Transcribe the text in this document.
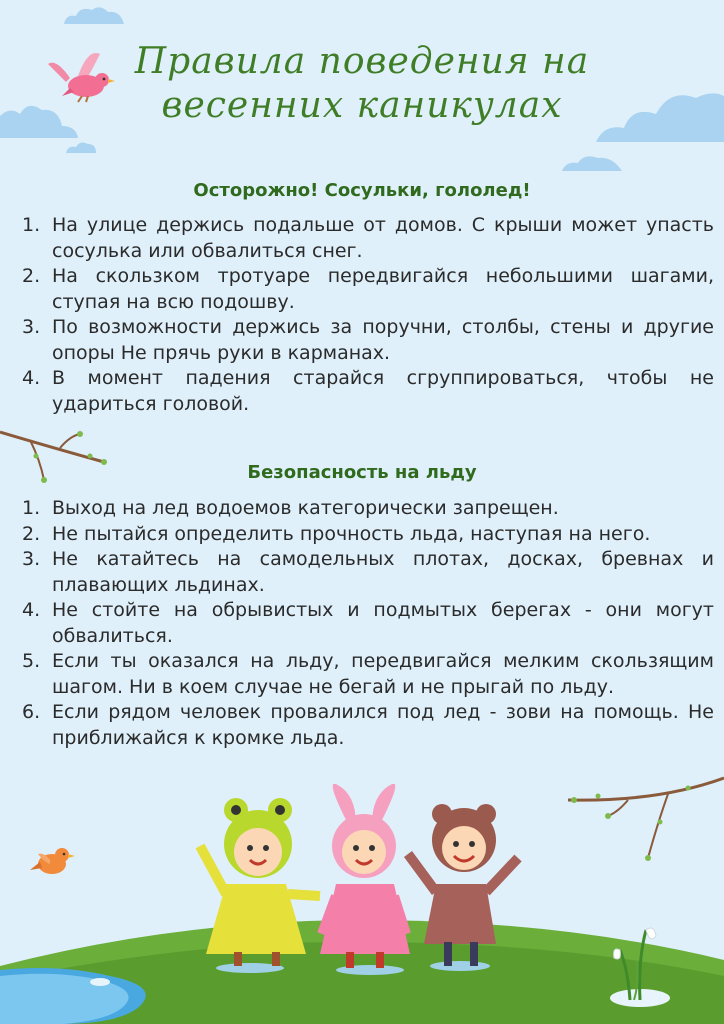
Правила поведения на
весенних каникулах
Осторожно! Сосульки, гололед!
1. На улице держись подальше от домов. С крыши может упасть сосулька или обвалиться снег.
2. На скользком тротуаре передвигайся небольшими шагами, ступая на всю подошву.
3. По возможности держись за поручни, столбы, стены и другие опоры Не прячь руки в карманах.
4. В момент падения старайся сгруппироваться, чтобы не удариться головой.
Безопасность на льду
1. Выход на лед водоемов категорически запрещен.
2. Не пытайся определить прочность льда, наступая на него.
3. Не катайтесь на самодельных плотах, досках, бревнах и плавающих льдинах.
4. Не стойте на обрывистых и подмытых берегах - они могут обвалиться.
5. Если ты оказался на льду, передвигайся мелким скользящим шагом. Ни в коем случае не бегай и не прыгай по льду.
6. Если рядом человек провалился под лед - зови на помощь. Не приближайся к кромке льда.
